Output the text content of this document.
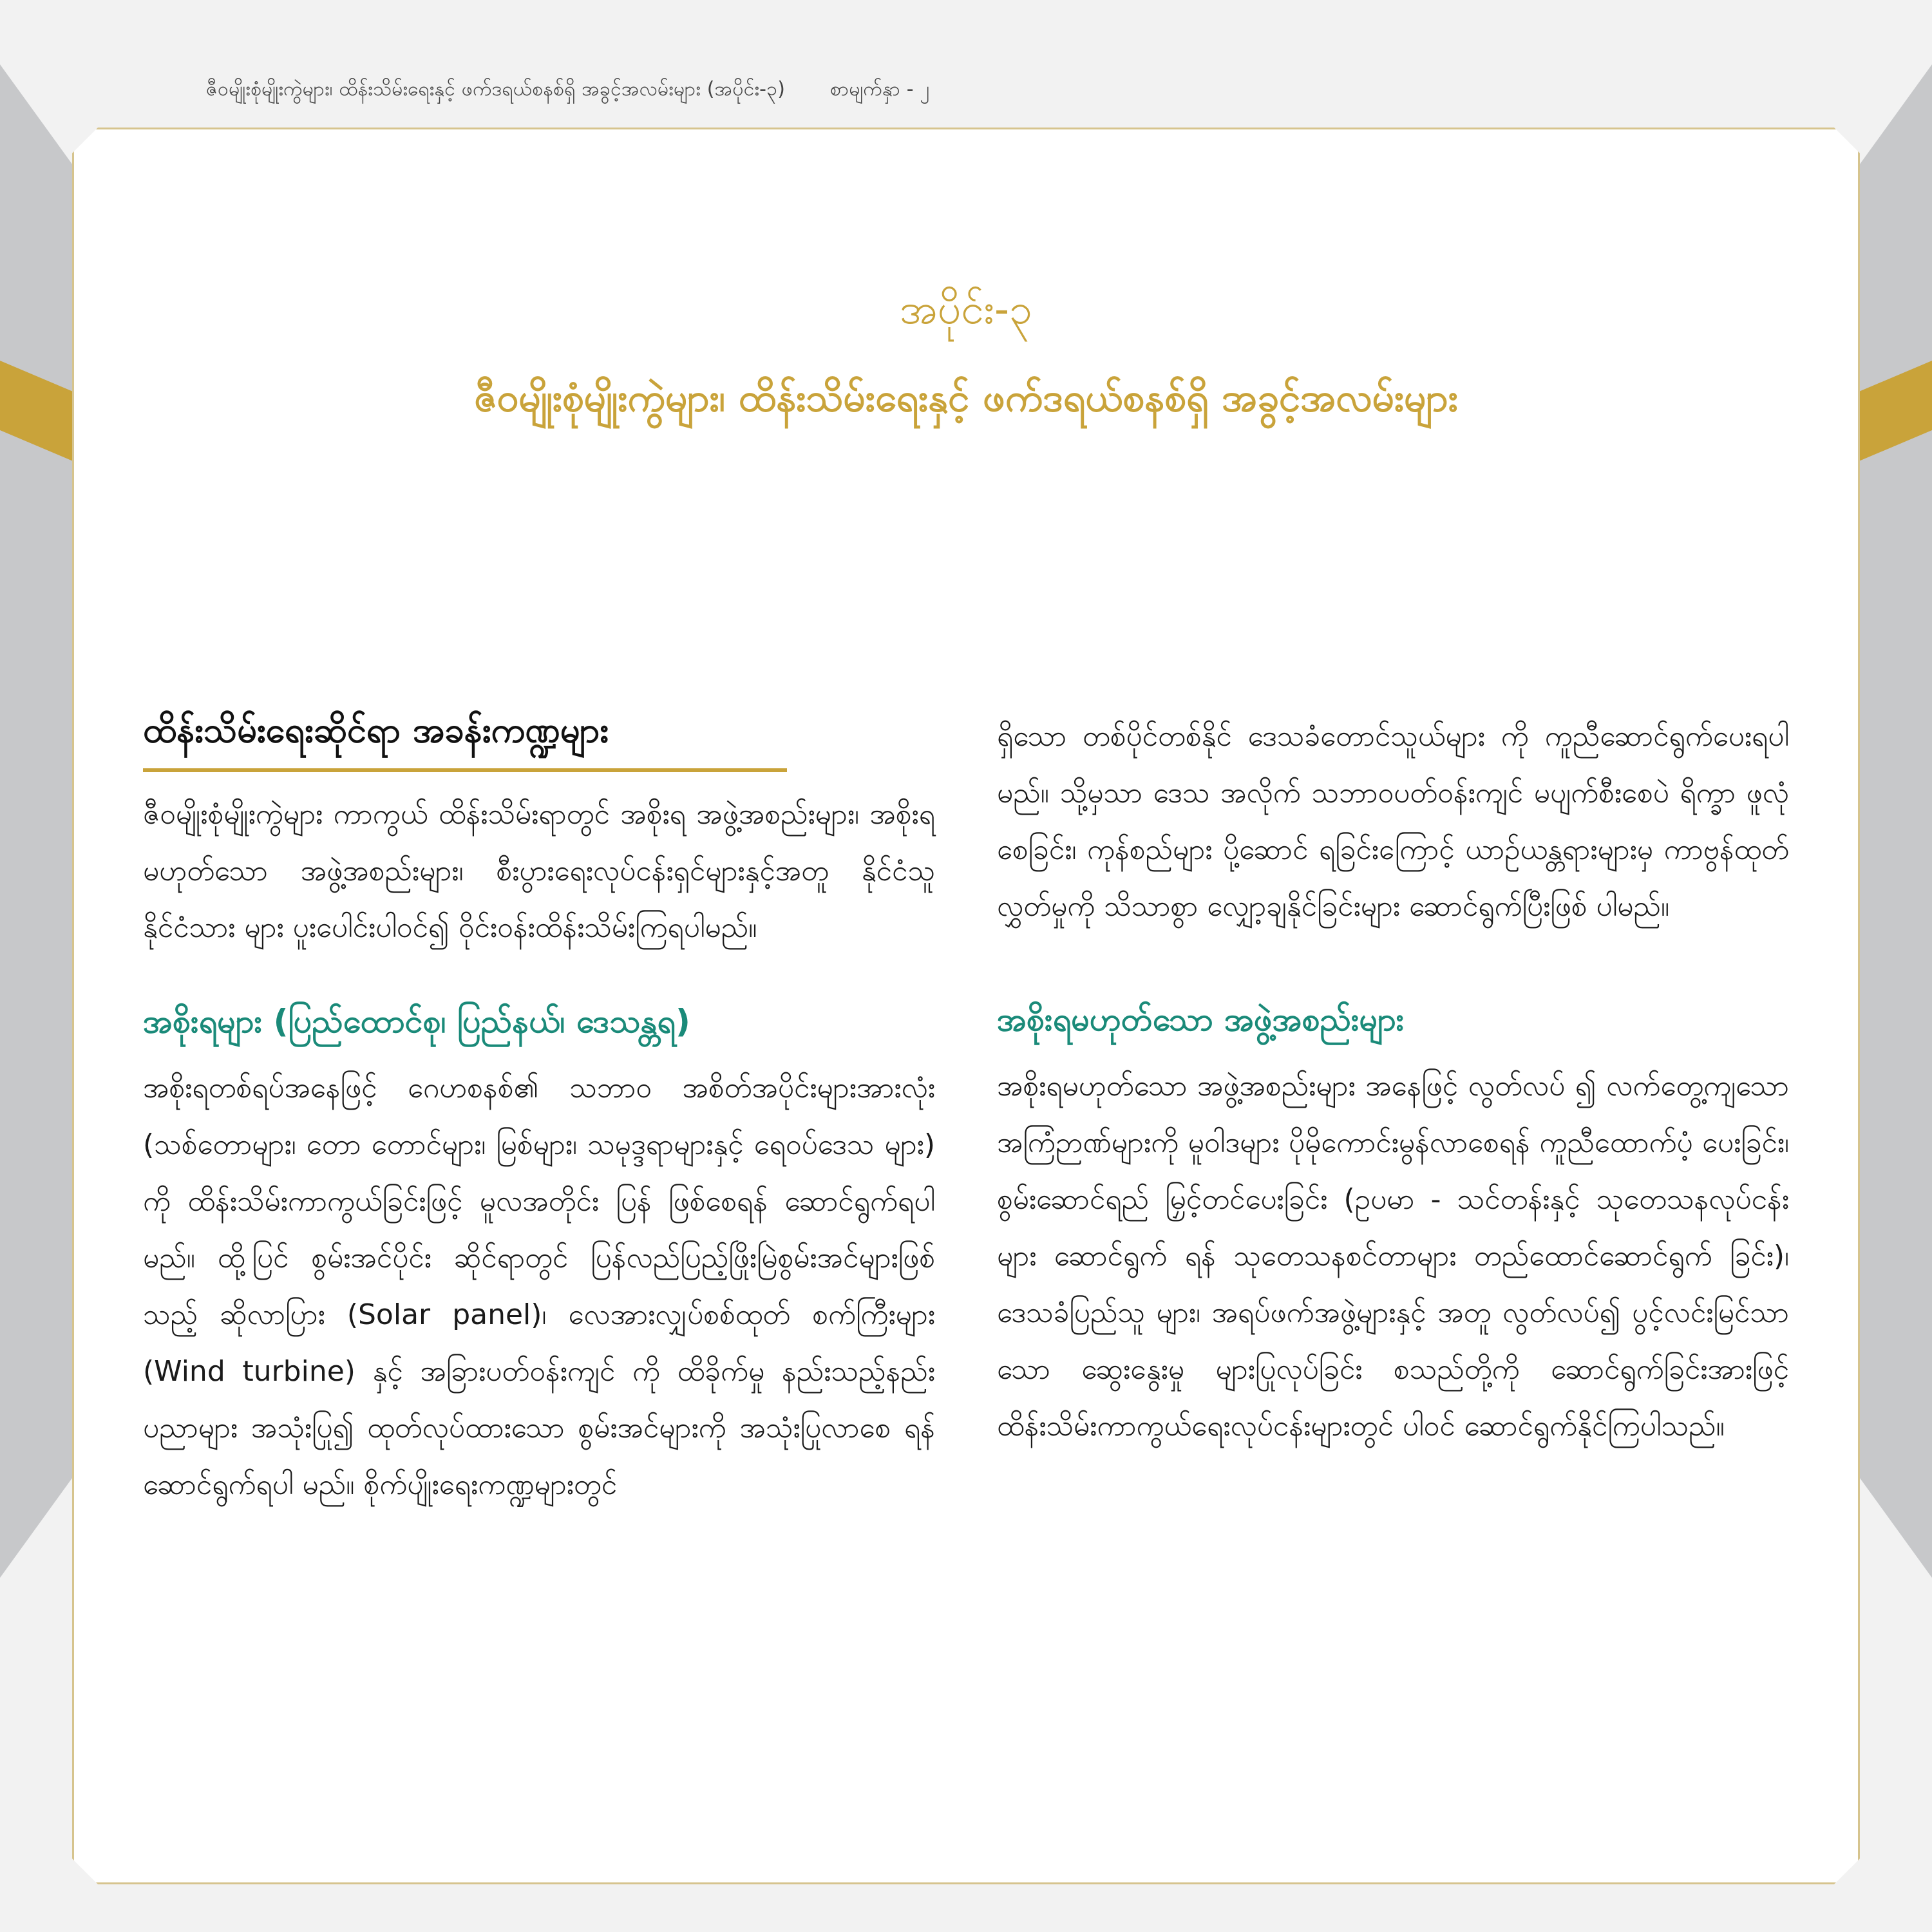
ဇီဝမျိုးစုံမျိုးကွဲများ၊ ထိန်းသိမ်းရေးနှင့် ဖက်ဒရယ်စနစ်ရှိ အခွင့်အလမ်းများ (အပိုင်း-၃) စာမျက်နှာ - ၂
အပိုင်း-၃
ဇီဝမျိုးစုံမျိုးကွဲများ၊ ထိန်းသိမ်းရေးနှင့် ဖက်ဒရယ်စနစ်ရှိ အခွင့်အလမ်းများ
ထိန်းသိမ်းရေးဆိုင်ရာ အခန်းကဏ္ဍများ

ဇီဝမျိုးစုံမျိုးကွဲများ ကာကွယ် ထိန်းသိမ်းရာတွင် အစိုးရ အဖွဲ့အစည်းများ၊ အစိုးရမဟုတ်သော အဖွဲ့အစည်းများ၊ စီးပွားရေးလုပ်ငန်းရှင်များနှင့်အတူ နိုင်ငံသူ နိုင်ငံသား များ ပူးပေါင်းပါဝင်၍ ဝိုင်းဝန်းထိန်းသိမ်းကြရပါမည်။

အစိုးရများ (ပြည်ထောင်စု၊ ပြည်နယ်၊ ဒေသန္တရ)

အစိုးရတစ်ရပ်အနေဖြင့် ဂေဟစနစ်၏ သဘာဝ အစိတ်အပိုင်းများအားလုံး (သစ်တောများ၊ တော တောင်များ၊ မြစ်များ၊ သမုဒ္ဒရာများနှင့် ရေဝပ်ဒေသ များ) ကို ထိန်းသိမ်းကာကွယ်ခြင်းဖြင့် မူလအတိုင်း ပြန် ဖြစ်စေရန် ဆောင်ရွက်ရပါမည်။ ထို့ပြင် စွမ်းအင်ပိုင်း ဆိုင်ရာတွင် ပြန်လည်ပြည့်ဖြိုးမြဲစွမ်းအင်များဖြစ်သည့် ဆိုလာပြား (Solar panel)၊ လေအားလျှပ်စစ်ထုတ် စက်ကြီးများ (Wind turbine) နှင့် အခြားပတ်ဝန်းကျင် ကို ထိခိုက်မှု နည်းသည့်နည်းပညာများ အသုံးပြု၍ ထုတ်လုပ်ထားသော စွမ်းအင်များကို အသုံးပြုလာစေ ရန် ဆောင်ရွက်ရပါ မည်။ စိုက်ပျိုးရေးကဏ္ဍများတွင်

ရှိသော တစ်ပိုင်တစ်နိုင် ဒေသခံတောင်သူယ်များ ကို ကူညီဆောင်ရွက်ပေးရပါမည်။ သို့မှသာ ဒေသ အလိုက် သဘာဝပတ်ဝန်းကျင် မပျက်စီးစေပဲ ရိက္ခာ ဖူလုံစေခြင်း၊ ကုန်စည်များ ပို့ဆောင် ရခြင်းကြောင့် ယာဉ်ယန္တရားများမှ ကာဗွန်ထုတ်လွှတ်မှုကို သိသာစွာ လျှော့ချနိုင်ခြင်းများ ဆောင်ရွက်ပြီးဖြစ် ပါမည်။

အစိုးရမဟုတ်သော အဖွဲ့အစည်းများ

အစိုးရမဟုတ်သော အဖွဲ့အစည်းများ အနေဖြင့် လွတ်လပ် ၍ လက်တွေ့ကျသော အကြံဉာဏ်များကို မူဝါဒများ ပိုမိုကောင်းမွန်လာစေရန် ကူညီထောက်ပံ့ ပေးခြင်း၊ စွမ်းဆောင်ရည် မြှင့်တင်ပေးခြင်း (ဥပမာ - သင်တန်းနှင့် သုတေသနလုပ်ငန်းများ ဆောင်ရွက် ရန် သုတေသနစင်တာများ တည်ထောင်ဆောင်ရွက် ခြင်း)၊ ဒေသခံပြည်သူ များ၊ အရပ်ဖက်အဖွဲ့များနှင့် အတူ လွတ်လပ်၍ ပွင့်လင်းမြင်သာသော ဆွေးနွေးမှု များပြုလုပ်ခြင်း စသည်တို့ကို ဆောင်ရွက်ခြင်းအားဖြင့် ထိန်းသိမ်းကာကွယ်ရေးလုပ်ငန်းများတွင် ပါဝင် ဆောင်ရွက်နိုင်ကြပါသည်။
